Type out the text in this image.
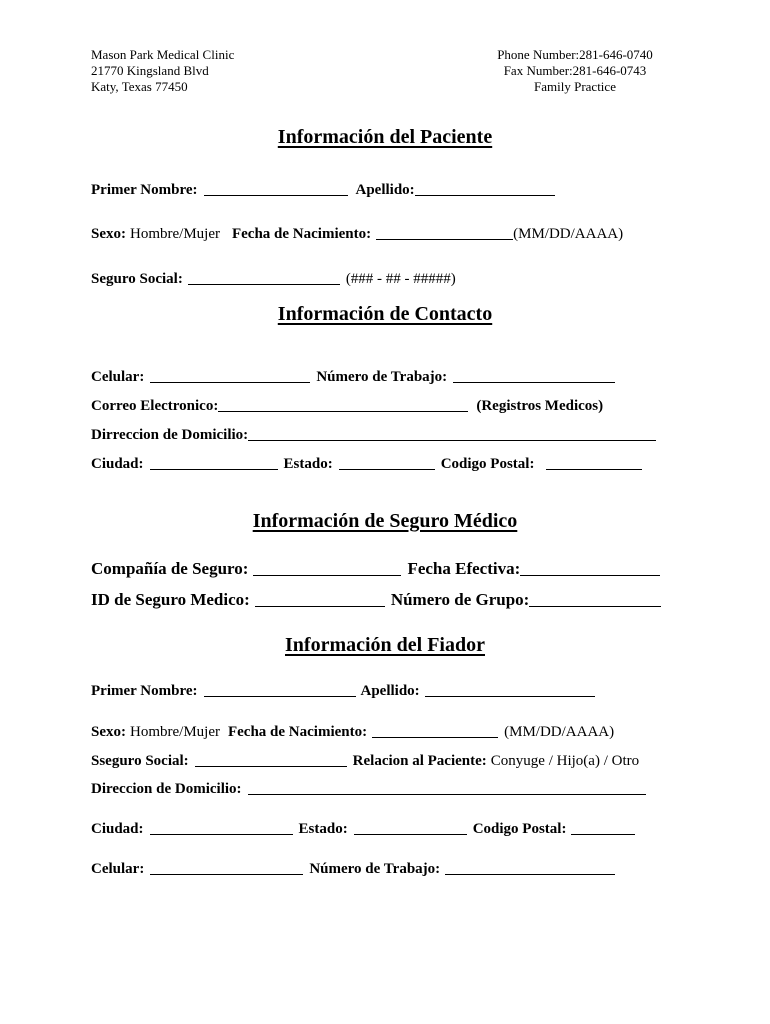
Mason Park Medical Clinic
21770 Kingsland Blvd
Katy, Texas 77450
Phone Number:281-646-0740
Fax Number:281-646-0743
Family Practice
Información del Paciente
Primer Nombre:	Apellido:
Sexo: Hombre/Mujer Fecha de Nacimiento:	(MM/DD/AAAA)
Seguro Social:	(### - ## - #####)
Información de Contacto
Celular:	Número de Trabajo:
Correo Electronico:	(Registros Medicos)
Dirreccion de Domicilio:
Ciudad:	Estado:	Codigo Postal:
Información de Seguro Médico
Compañía de Seguro:	Fecha Efectiva:
ID de Seguro Medico:	Número de Grupo:
Información del Fiador
Primer Nombre:	Apellido:
Sexo: Hombre/Mujer Fecha de Nacimiento:	(MM/DD/AAAA)
Sseguro Social:	Relacion al Paciente: Conyuge / Hijo(a) / Otro
Direccion de Domicilio:
Ciudad:	Estado:	Codigo Postal:
Celular:	Número de Trabajo:
